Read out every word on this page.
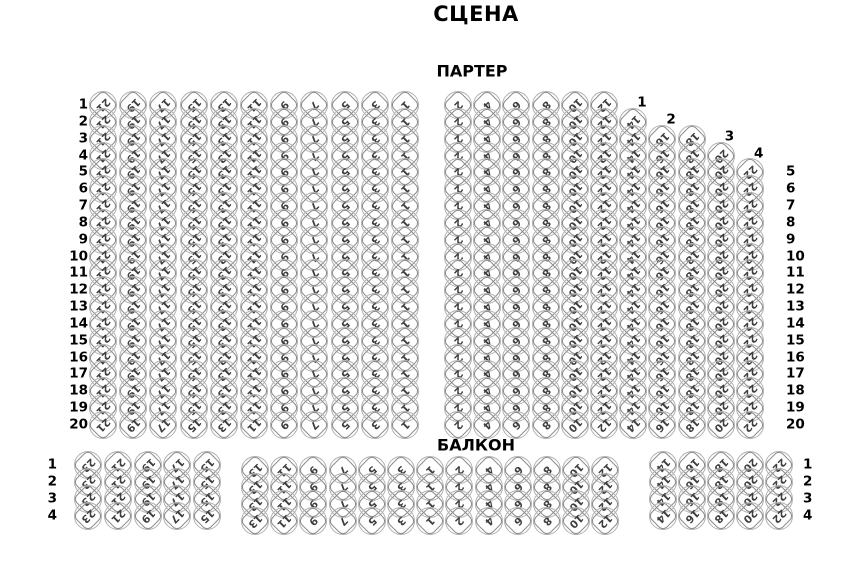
СЦЕНА
ПАРТЕР
БАЛКОН
21	19	17	15	13	11	9	7	5	3	1
1
21	19	17	15	13	11	9	7	5	3	1
2
21	19	17	15	13	11	9	7	5	3	1
3
21	19	17	15	13	11	9	7	5	3	1
4
21	19	17	15	13	11	9	7	5	3	1
5
21	19	17	15	13	11	9	7	5	3	1
6
21	19	17	15	13	11	9	7	5	3	1
7
21	19	17	15	13	11	9	7	5	3	1
8
21	19	17	15	13	11	9	7	5	3	1
9
21	19	17	15	13	11	9	7	5	3	1
10
21	19	17	15	13	11	9	7	5	3	1
11
21	19	17	15	13	11	9	7	5	3	1
12
21	19	17	15	13	11	9	7	5	3	1
13
21	19	17	15	13	11	9	7	5	3	1
14
21	19	17	15	13	11	9	7	5	3	1
15
21	19	17	15	13	11	9	7	5	3	1
16
21	19	17	15	13	11	9	7	5	3	1
17
21	19	17	15	13	11	9	7	5	3	1
18
21	19	17	15	13	11	9	7	5	3	1
19
21	19	17	15	13	11	9	7	5	3	1
20
2	4	6	8	10 12	1
2	4	6	8	10 12 14	2
2	4	6	8	10 12 14 16 18	3
2	4	6	8	10 12 14 16 18 20	4
2	4	6	8	10 12 14 16 18 20 22	5
2	4	6	8	10 12 14 16 18 20 22	6
2	4	6	8	10 12 14 16 18 20 22	7
2	4	6	8	10 12 14 16 18 20 22	8
2	4	6	8	10 12 14 16 18 20 22	9
2	4	6	8	10 12 14 16 18 20 22	10
2	4	6	8	10 12 14 16 18 20 22	11
2	4	6	8	10 12 14 16 18 20 22	12
2	4	6	8	10 12 14 16 18 20 22	13
2	4	6	8	10 12 14 16 18 20 22	14
2	4	6	8	10 12 14 16 18 20 22	15
2	4	6	8	10 12 14 16 18 20 22	16
2	4	6	8	10 12 14 16 18 20 22	17
2	4	6	8	10 12 14 16 18 20 22	18
2	4	6	8	10 12 14 16 18 20 22	19
2	4	6	8	10 12 14 16 18 20 22	20
23	21	19	17	15
1
23	21	19	17	15
2
23	21	19	17	15
3
23	21	19	17	15
4
13 11	9	7	5	3	1	2	4	6	8	10 12
13 11	9	7	5	3	1	2	4	6	8	10 12
13 11	9	7	5	3	1	2	4	6	8	10 12
13 11	9	7	5	3	1	2	4	6	8	10 12
14 16 18 20 22	1
14 16 18 20 22	2
14 16 18 20 22	3
14 16 18 20 22	4
